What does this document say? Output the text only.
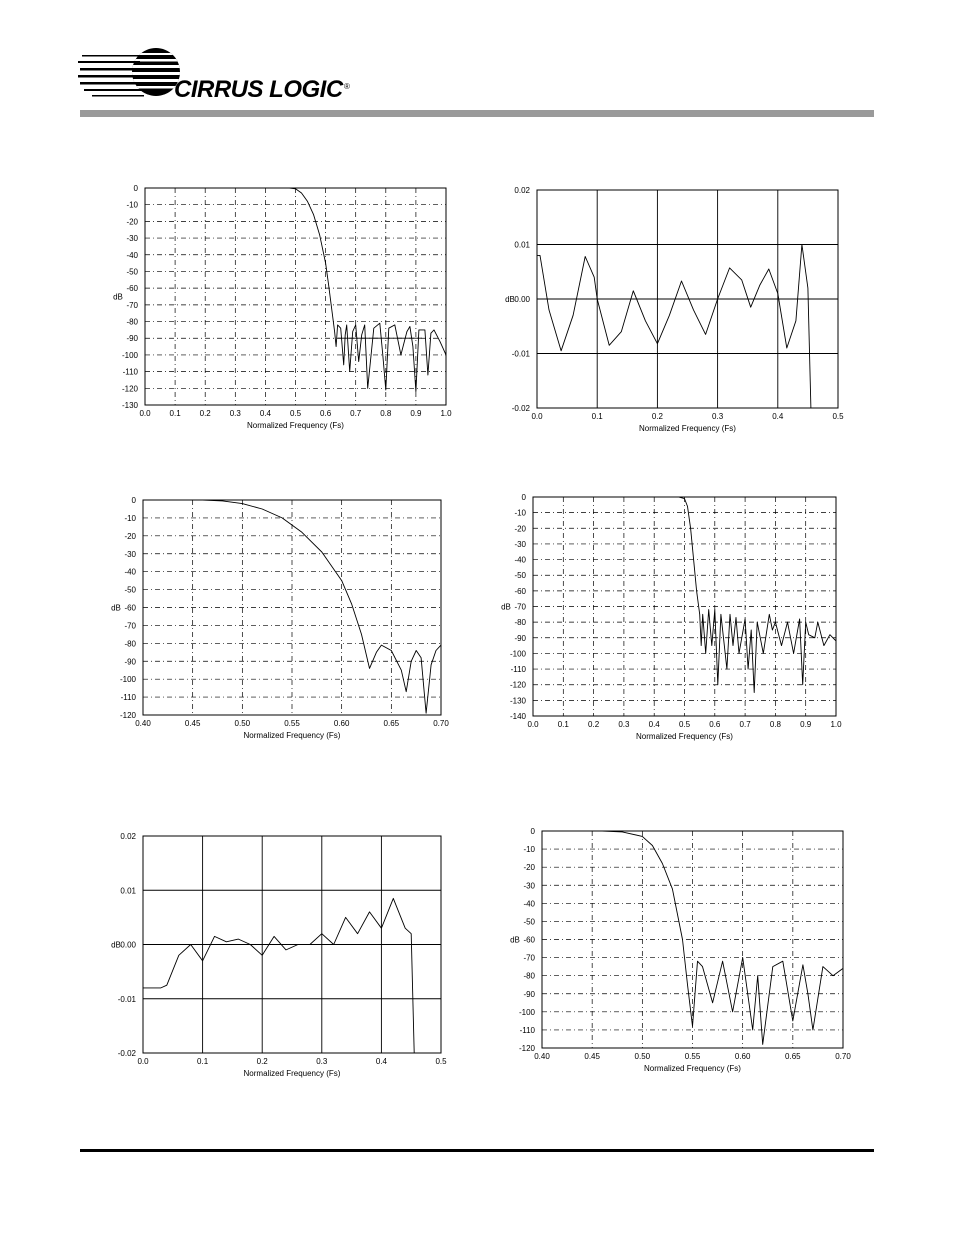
CIRRUS LOGIC ®
0.0 0.1 0.2 0.3 0.4 0.5 0.6 0.7 0.8 0.9 1.0
0
-10
-20
-30
-40
-50
-60
-70
-80
-90
-100
-110
-120
-130
Normalized Frequency (Fs)
dB
0.0	0.1	0.2	0.3	0.4	0.5
0.02
0.01
0.00
-0.01
-0.02
Normalized Frequency (Fs)
dB
0.40	0.45	0.50	0.55	0.60	0.65	0.70
0
-10
-20
-30
-40
-50
-60
-70
-80
-90
-100
-110
-120
Normalized Frequency (Fs)
dB
0.0 0.1 0.2 0.3 0.4 0.5 0.6 0.7 0.8 0.9 1.0
0
-10
-20
-30
-40
-50
-60
-70
-80
-90
-100
-110
-120
-130
-140
Normalized Frequency (Fs)
dB
0.0	0.1	0.2	0.3	0.4	0.5
0.02
0.01
0.00
-0.01
-0.02
Normalized Frequency (Fs)
dB
0.40	0.45	0.50	0.55	0.60	0.65	0.70
0
-10
-20
-30
-40
-50
-60
-70
-80
-90
-100
-110
-120
Normalized Frequency (Fs)
dB
